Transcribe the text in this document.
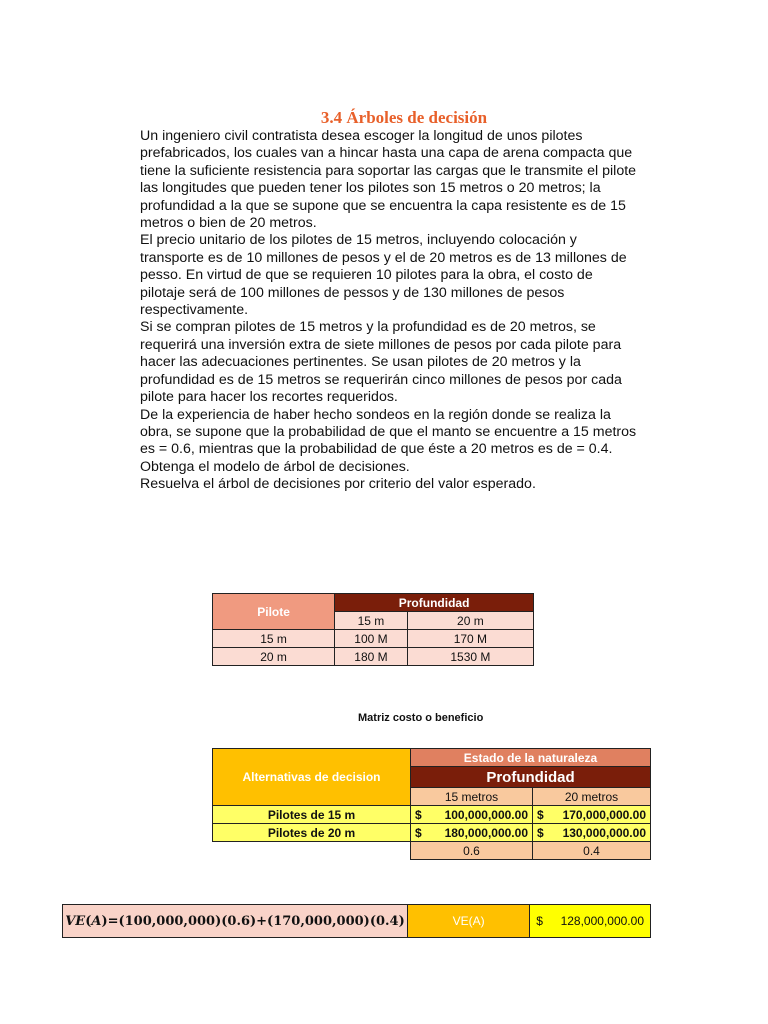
3.4 Árboles de decisión
Un ingeniero civil contratista desea escoger la longitud de unos pilotes
prefabricados, los cuales van a hincar hasta una capa de arena compacta que
tiene la suficiente resistencia para soportar las cargas que le transmite el pilote
las longitudes que pueden tener los pilotes son 15 metros o 20 metros; la
profundidad a la que se supone que se encuentra la capa resistente es de 15
metros o bien de 20 metros.
El precio unitario de los pilotes de 15 metros, incluyendo colocación y
transporte es de 10 millones de pesos y el de 20 metros es de 13 millones de
pesso. En virtud de que se requieren 10 pilotes para la obra, el costo de
pilotaje será de 100 millones de pessos y de 130 millones de pesos
respectivamente.
Si se compran pilotes de 15 metros y la profundidad es de 20 metros, se
requerirá una inversión extra de siete millones de pesos por cada pilote para
hacer las adecuaciones pertinentes. Se usan pilotes de 20 metros y la
profundidad es de 15 metros se requerirán cinco millones de pesos por cada
pilote para hacer los recortes requeridos.
De la experiencia de haber hecho sondeos en la región donde se realiza la
obra, se supone que la probabilidad de que el manto se encuentre a 15 metros
es = 0.6, mientras que la probabilidad de que éste a 20 metros es de = 0.4.
Obtenga el modelo de árbol de decisiones.
Resuelva el árbol de decisiones por criterio del valor esperado.
Pilote	Profundidad	
	15 m	20 m
15 m	100 M	170 M
20 m	180 M	1530 M
Matriz costo o beneficio
Alternativas de decision	Estado de la naturaleza	
	Profundidad	
	15 metros	20 metros
Pilotes de 15 m	$ 100,000,000.00	$ 170,000,000.00

Pilotes de 20 m	$ 180,000,000.00	$ 130,000,000.00

	0.6	0.4
VE(A)=(100,000,000)(0.6)+(170,000,000)(0.4)	VE(A)	$ 128,000,000.00
